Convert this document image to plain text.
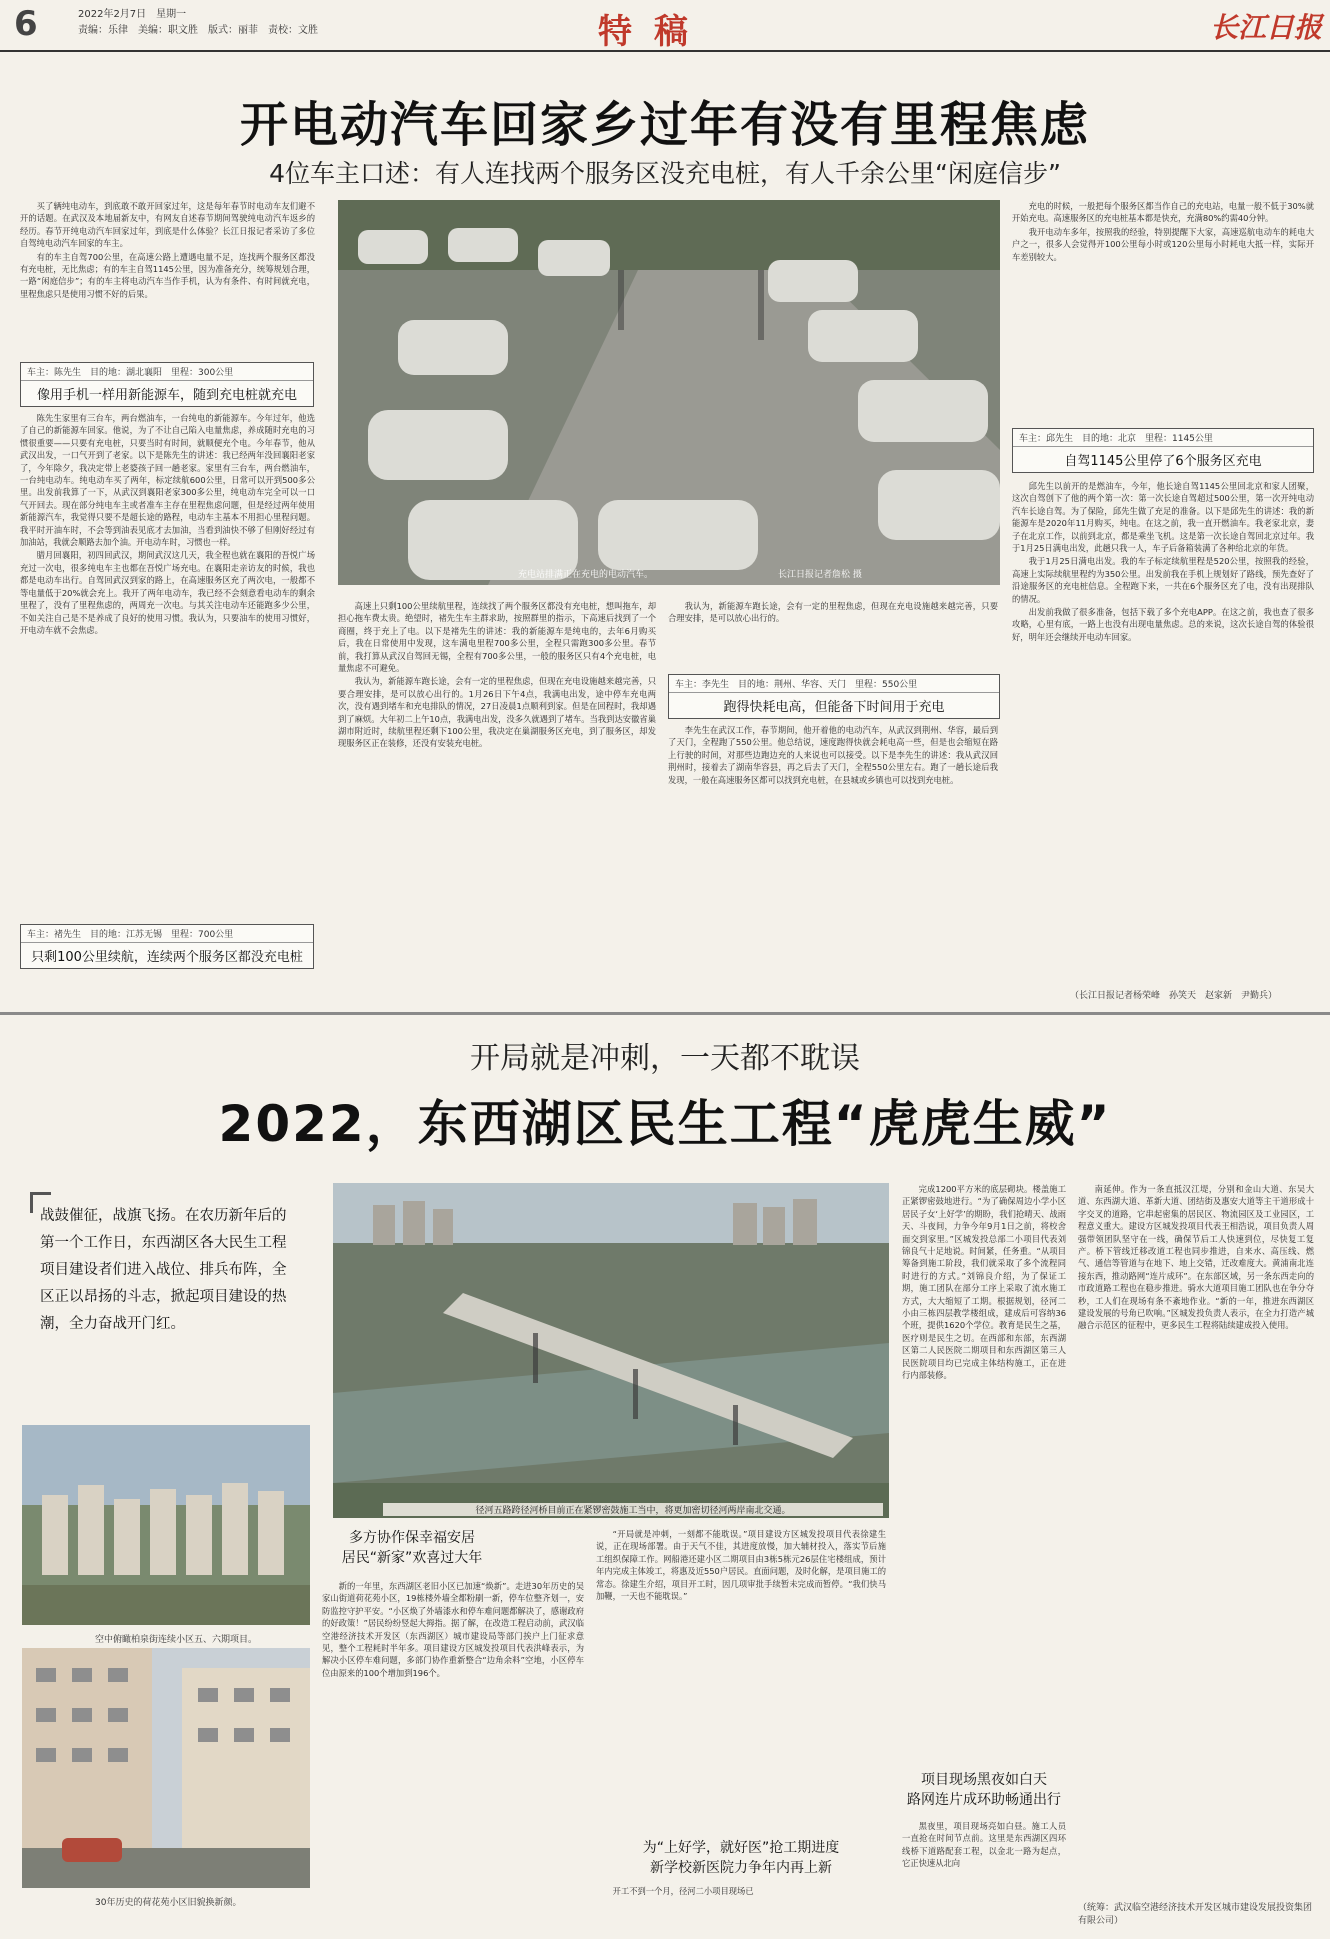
6	2022年2月7日　星期一
责编：乐律　美编：职文胜　版式：丽菲　责校：文胜	特稿	长江日报
开电动汽车回家乡过年有没有里程焦虑
4位车主口述：有人连找两个服务区没充电桩，有人千余公里“闲庭信步”

买了辆纯电动车，到底敢不敢开回家过年，这是每年春节时电动车友们避不开的话题。在武汉及本地届新友中，有网友自述春节期间驾驶纯电动汽车返乡的经历。春节开纯电动汽车回家过年，到底是什么体验？长江日报记者采访了多位自驾纯电动汽车回家的车主。

有的车主自驾700公里，在高速公路上遭遇电量不足，连找两个服务区都没有充电桩，无比焦虑；有的车主自驾1145公里，因为准备充分，统筹规划合理，一路“闲庭信步”；有的车主将电动汽车当作手机，认为有条件、有时间就充电，里程焦虑只是使用习惯不好的后果。

车主：陈先生　目的地：湖北襄阳　里程：300公里
像用手机一样用新能源车，随到充电桩就充电

陈先生家里有三台车，两台燃油车，一台纯电的新能源车。今年过年，他选了自己的新能源车回家。他说，为了不让自己陷入电量焦虑，养成随时充电的习惯很重要——只要有充电桩，只要当时有时间，就顺便充个电。今年春节，他从武汉出发，一口气开到了老家。以下是陈先生的讲述：我已经两年没回襄阳老家了，今年除夕，我决定带上老婆孩子回一趟老家。家里有三台车，两台燃油车，一台纯电动车。纯电动车买了两年，标定续航600公里，日常可以开到500多公里。出发前我算了一下，从武汉到襄阳老家300多公里，纯电动车完全可以一口气开回去。现在部分纯电车主或者准车主存在里程焦虑问题，但是经过两年使用新能源汽车，我觉得只要不是超长途的路程，电动车主基本不用担心里程问题。我平时开油车时，不会等到油表见底才去加油，当看到油快不够了但刚好经过有加油站，我就会顺路去加个油。开电动车时，习惯也一样。

腊月回襄阳，初四回武汉，期间武汉这几天，我全程也就在襄阳的吾悦广场充过一次电，很多纯电车主也都在吾悦广场充电。在襄阳走亲访友的时候，我也都是电动车出行。自驾回武汉到家的路上，在高速服务区充了两次电，一般都不等电量低于20%就会充上。我开了两年电动车，我已经不会刻意看电动车的剩余里程了，没有了里程焦虑的，两周充一次电。与其关注电动车还能跑多少公里，不如关注自己是不是养成了良好的使用习惯。我认为，只要油车的使用习惯好，开电动车就不会焦虑。

车主：褚先生　目的地：江苏无锡　里程：700公里
只剩100公里续航，连续两个服务区都没充电桩
充电站排满正在充电的电动汽车。	长江日报记者詹松 摄

高速上只剩100公里续航里程，连续找了两个服务区都没有充电桩，想叫拖车，却担心拖车费太贵。绝望时，褚先生车主群求助，按照群里的指示，下高速后找到了一个商圈，终于充上了电。以下是褚先生的讲述：我的新能源车是纯电的，去年6月购买后，我在日常使用中发现，这车满电里程700多公里，全程只需跑300多公里。春节前，我打算从武汉自驾回无锡，全程有700多公里，一般的服务区只有4个充电桩，电量焦虑不可避免。

我认为，新能源车跑长途，会有一定的里程焦虑，但现在充电设施越来越完善，只要合理安排，是可以放心出行的。1月26日下午4点，我满电出发，途中停车充电两次，没有遇到堵车和充电排队的情况，27日凌晨1点顺利到家。但是在回程时，我却遇到了麻烦。大年初二上午10点，我满电出发，没多久就遇到了堵车。当我到达安徽省巢湖市附近时，续航里程还剩下100公里，我决定在巢湖服务区充电，到了服务区，却发现服务区正在装修，还没有安装充电桩。

我认为，新能源车跑长途，会有一定的里程焦虑，但现在充电设施越来越完善，只要合理安排，是可以放心出行的。

车主：李先生　目的地：荆州、华容、天门　里程：550公里
跑得快耗电高，但能备下时间用于充电

李先生在武汉工作，春节期间，他开着他的电动汽车，从武汉到荆州、华容，最后到了天门，全程跑了550公里。他总结说，速度跑得快就会耗电高一些，但是也会缩短在路上行驶的时间，对那些边跑边充的人来说也可以接受。以下是李先生的讲述：我从武汉回荆州时，接着去了湖南华容县，再之后去了天门，全程550公里左右。跑了一趟长途后我发现，一般在高速服务区都可以找到充电桩，在县城或乡镇也可以找到充电桩。

充电的时候，一般把每个服务区都当作自己的充电站，电量一般不低于30%就开始充电。高速服务区的充电桩基本都是快充，充满80%约需40分钟。

我开电动车多年，按照我的经验，特别提醒下大家，高速巡航电动车的耗电大户之一，很多人会觉得开100公里每小时或120公里每小时耗电大抵一样，实际开车差别较大。

车主：邱先生　目的地：北京　里程：1145公里
自驾1145公里停了6个服务区充电

邱先生以前开的是燃油车，今年，他长途自驾1145公里回北京和家人团聚，这次自驾创下了他的两个第一次：第一次长途自驾超过500公里，第一次开纯电动汽车长途自驾。为了保险，邱先生做了充足的准备。以下是邱先生的讲述：我的新能源车是2020年11月购买，纯电。在这之前，我一直开燃油车。我老家北京，妻子在北京工作，以前到北京，都是乘坐飞机。这是第一次长途自驾回北京过年。我于1月25日满电出发，此趟只我一人，车子后备箱装满了各种给北京的年货。

我于1月25日满电出发。我的车子标定续航里程是520公里，按照我的经验，高速上实际续航里程约为350公里。出发前我在手机上规划好了路线，预先查好了沿途服务区的充电桩信息。全程跑下来，一共在6个服务区充了电，没有出现排队的情况。

出发前我做了很多准备，包括下载了多个充电APP。在这之前，我也查了很多攻略，心里有底，一路上也没有出现电量焦虑。总的来说，这次长途自驾的体验很好，明年还会继续开电动车回家。

（长江日报记者杨荣峰　孙笑天　赵家新　尹勤兵）
开局就是冲刺，一天都不耽误
2022，东西湖区民生工程“虎虎生威”
战鼓催征，战旗飞扬。在农历新年后的第一个工作日，东西湖区各大民生工程项目建设者们进入战位、排兵布阵，全区正以昂扬的斗志，掀起项目建设的热潮，全力奋战开门红。
径河五路跨径河桥目前正在紧锣密鼓施工当中，将更加密切径河两岸南北交通。
空中俯瞰柏泉街连续小区五、六期项目。
30年历史的荷花苑小区旧貌换新颜。
多方协作保幸福安居
居民“新家”欢喜过大年

新的一年里，东西湖区老旧小区已加速“焕新”。走进30年历史的吴家山街道荷花苑小区，19栋楼外墙全都粉刷一新，停车位整齐划一，安防监控守护平安。“小区焕了外墙漆水和停车难问题都解决了，感谢政府的好政策！”居民纷纷竖起大拇指。据了解，在改造工程启动前，武汉临空港经济技术开发区（东西湖区）城市建设局等部门挨户上门征求意见，整个工程耗时半年多。项目建设方区城发投项目代表洪峰表示，为解决小区停车难问题，多部门协作重新整合“边角余料”空地，小区停车位由原来的100个增加到196个。

“开局就是冲刺，一刻都不能耽误。”项目建设方区城发投项目代表徐建生说，正在现场部署。由于天气不佳，其进度放慢，加大辅材投入，落实节后施工组织保障工作。网船港还建小区二期项目由3栋5栋元26层住宅楼组成，预计年内完成主体竣工，将惠及近550户居民。直面问题，及时化解，是项目施工的常态。徐建生介绍，项目开工时，因几项审批手续暂未完成而暂停。“我们快马加鞭，一天也不能耽误。”

为“上好学，就好医”抢工期进度
新学校新医院力争年内再上新

开工不到一个月，径河二小项目现场已

完成1200平方米的底层砌块。楼盖施工正紧锣密鼓地进行。“为了确保周边小学小区居民子女‘上好学’的期盼，我们抢晴天、战雨天、斗夜间，力争今年9月1日之前，将校舍面交到家里。”区城发投总部二小项目代表刘锦良气十足地说。时间紧，任务重。“从项目筹备到施工阶段，我们就采取了多个流程同时进行的方式。”刘锦良介绍，为了保证工期，施工团队在部分工序上采取了流水施工方式，大大缩短了工期。根据规划，径河二小由三栋四层教学楼组成，建成后可容纳36个班，提供1620个学位。教育是民生之基，医疗则是民生之切。在西部和东部，东西湖区第二人民医院二期项目和东西湖区第三人民医院项目均已完成主体结构施工，正在进行内部装修。

项目现场黑夜如白天
路网连片成环助畅通出行

黑夜里，项目现场亮如白昼。施工人员一直抢在时间节点前。这里是东西湖区四环线桥下道路配套工程，以金北一路为起点，它正快速从北向

南延伸。作为一条直抵汉江堤，分别和金山大道、东吴大道、东西湖大道、革新大道、团结街及惠安大道等主干道形成十字交叉的道路，它串起密集的居民区、物流园区及工业园区，工程意义重大。建设方区城发投项目代表王相浩说，项目负责人周强带领团队坚守在一线，确保节后工人快速到位，尽快复工复产。桥下管线迁移改道工程也同步推进，自来水、高压线、燃气、通信等管道与在地下、地上交错，迁改难度大。黄浦南北连接东西，推动路网“连片成环”。在东部区域，另一条东西走向的市政道路工程也在稳步推进。骑水大道项目施工团队也在争分夺秒，工人们在现场有条不紊地作业。“新的一年，推进东西湖区建设发展的号角已吹响。”区城发投负责人表示，在全力打造产城融合示范区的征程中，更多民生工程将陆续建成投入使用。

（统筹：武汉临空港经济技术开发区城市建设发展投资集团有限公司）
